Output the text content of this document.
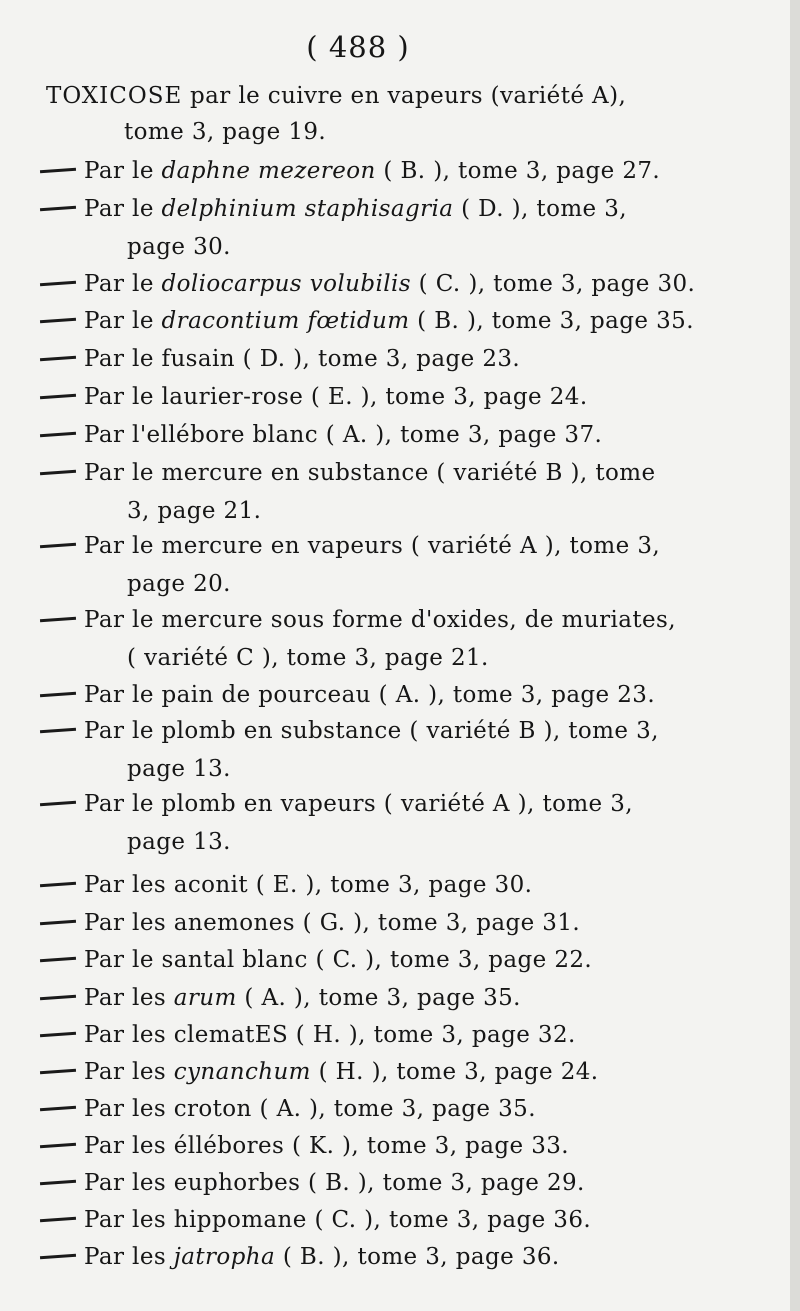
( 488 )
TOXICOSE par le cuivre en vapeurs (variété A),
tome 3, page 19.
Par le daphne mezereon ( B. ), tome 3, page 27.
Par le delphinium staphisagria ( D. ), tome 3,
page 30.
Par le doliocarpus volubilis ( C. ), tome 3, page 30.
Par le dracontium fœtidum ( B. ), tome 3, page 35.
Par le fusain ( D. ), tome 3, page 23.
Par le laurier-rose ( E. ), tome 3, page 24.
Par l'ellébore blanc ( A. ), tome 3, page 37.
Par le mercure en substance ( variété B ), tome
3, page 21.
Par le mercure en vapeurs ( variété A ), tome 3,
page 20.
Par le mercure sous forme d'oxides, de muriates,
( variété C ), tome 3, page 21.
Par le pain de pourceau ( A. ), tome 3, page 23.
Par le plomb en substance ( variété B ), tome 3,
page 13.
Par le plomb en vapeurs ( variété A ), tome 3,
page 13.
Par les aconit ( E. ), tome 3, page 30.
Par les anemones ( G. ), tome 3, page 31.
Par le santal blanc ( C. ), tome 3, page 22.
Par les arum ( A. ), tome 3, page 35.
Par les clematES ( H. ), tome 3, page 32.
Par les cynanchum ( H. ), tome 3, page 24.
Par les croton ( A. ), tome 3, page 35.
Par les éllébores ( K. ), tome 3, page 33.
Par les euphorbes ( B. ), tome 3, page 29.
Par les hippomane ( C. ), tome 3, page 36.
Par les jatropha ( B. ), tome 3, page 36.
